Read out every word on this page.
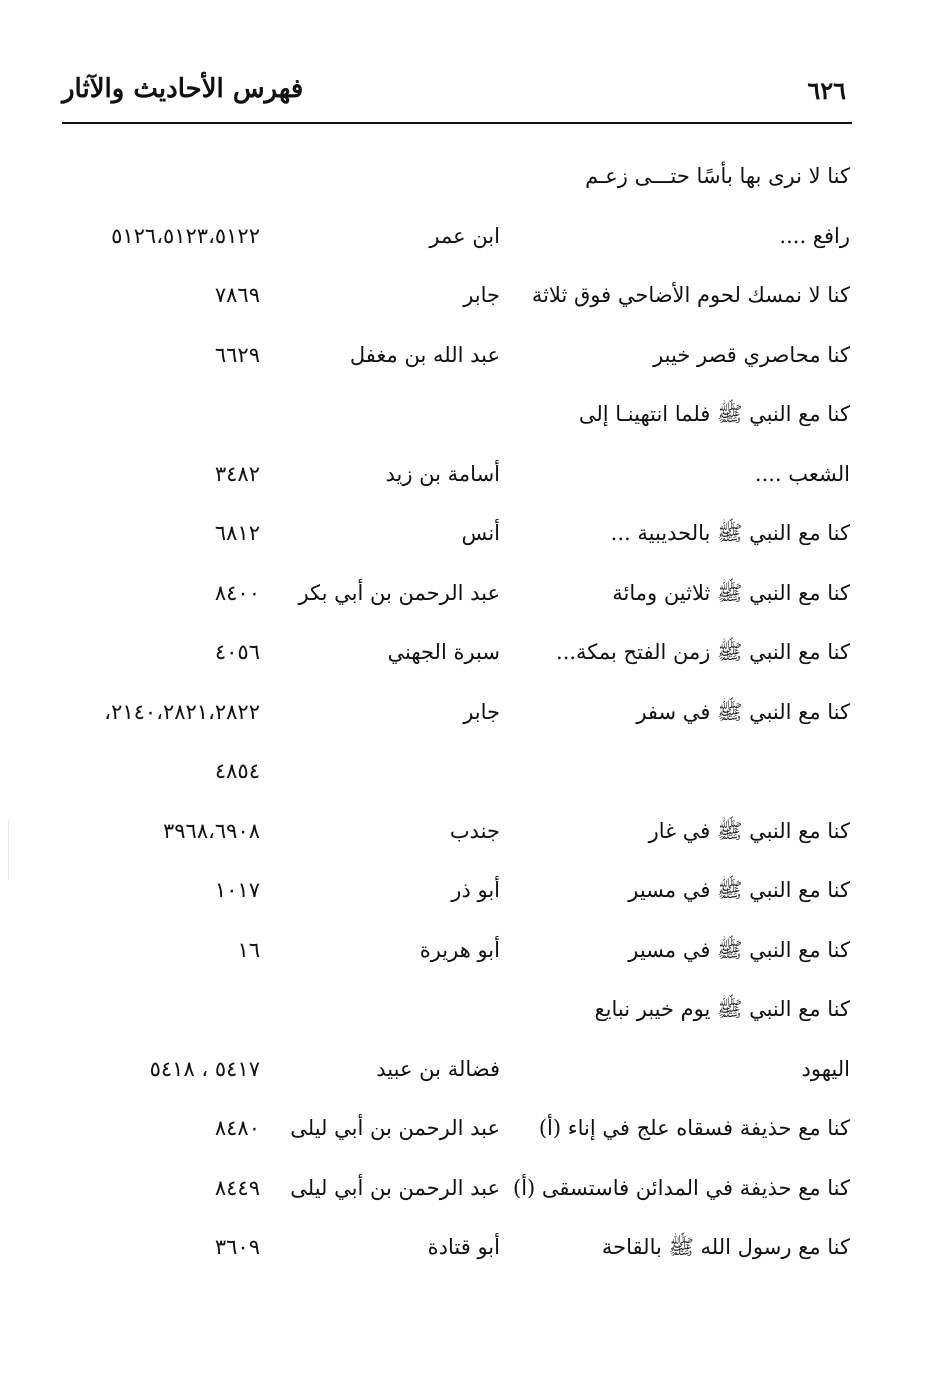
فهرس الأحاديث والآثار	٦٢٦
كنا لا نرى بها بأسًا حتـــى زعـم
رافع ....
ابن عمر
٥١٢٦،٥١٢٣،٥١٢٢
كنا لا نمسك لحوم الأضاحي فوق ثلاثة
جابر
٧٨٦٩
كنا محاصري قصر خيبر
عبد الله بن مغفل
٦٦٢٩
كنا مع النبي ﷺ فلما انتهينـا إلى
الشعب ....
أسامة بن زيد
٣٤٨٢
كنا مع النبي ﷺ بالحديبية ...
أنس
٦٨١٢
كنا مع النبي ﷺ ثلاثين ومائة
عبد الرحمن بن أبي بكر
٨٤٠٠
كنا مع النبي ﷺ زمن الفتح بمكة...
سبرة الجهني
٤٠٥٦
كنا مع النبي ﷺ في سفر
جابر
٢١٤٠،٢٨٢١،٢٨٢٢،
٤٨٥٤
كنا مع النبي ﷺ في غار
جندب
٣٩٦٨،٦٩٠٨
كنا مع النبي ﷺ في مسير
أبو ذر
١٠١٧
كنا مع النبي ﷺ في مسير
أبو هريرة
١٦
كنا مع النبي ﷺ يوم خيبر نبايع
اليهود
فضالة بن عبيد
٥٤١٧ ، ٥٤١٨
كنا مع حذيفة فسقاه علج في إناء (أ)
عبد الرحمن بن أبي ليلى
٨٤٨٠
كنا مع حذيفة في المدائن فاستسقى (أ)
عبد الرحمن بن أبي ليلى
٨٤٤٩
كنا مع رسول الله ﷺ بالقاحة
أبو قتادة
٣٦٠٩
